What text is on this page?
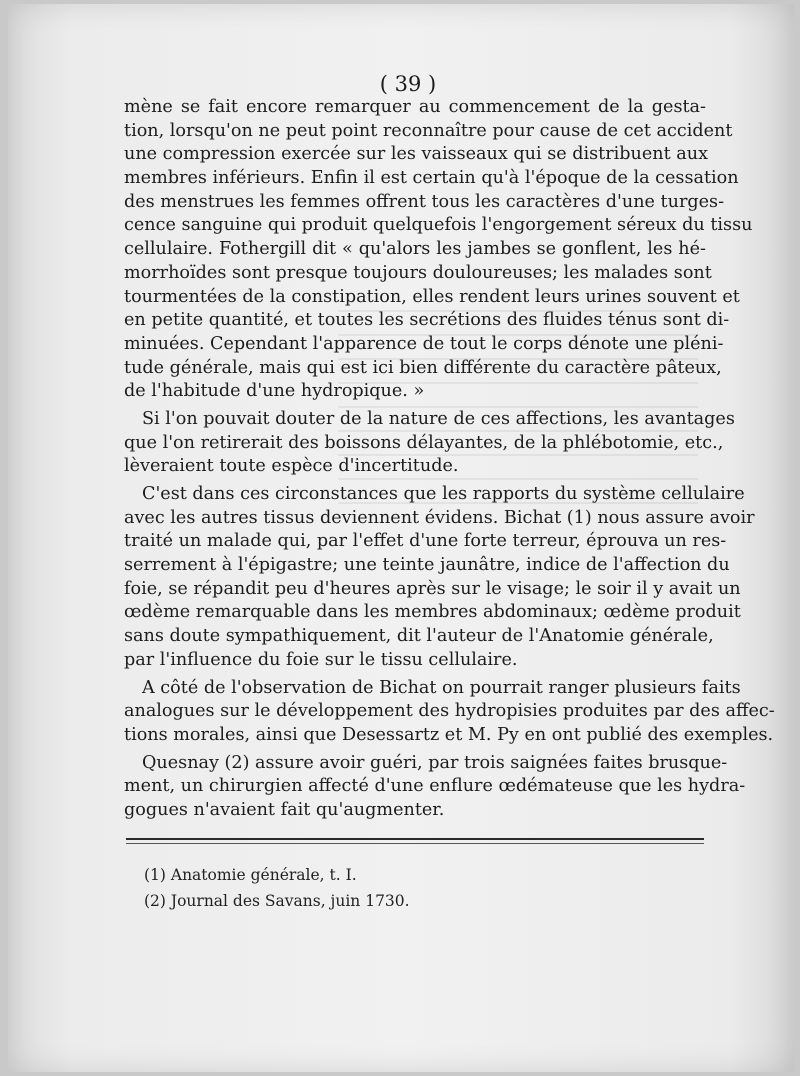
( 39 )
mène se fait encore remarquer au commencement de la gesta-
tion, lorsqu'on ne peut point reconnaître pour cause de cet accident
une compression exercée sur les vaisseaux qui se distribuent aux
membres inférieurs. Enfin il est certain qu'à l'époque de la cessation
des menstrues les femmes offrent tous les caractères d'une turges-
cence sanguine qui produit quelquefois l'engorgement séreux du tissu
cellulaire. Fothergill dit « qu'alors les jambes se gonflent, les hé-
morrhoïdes sont presque toujours douloureuses; les malades sont
tourmentées de la constipation, elles rendent leurs urines souvent et
en petite quantité, et toutes les secrétions des fluides ténus sont di-
minuées. Cependant l'apparence de tout le corps dénote une pléni-
tude générale, mais qui est ici bien différente du caractère pâteux,
de l'habitude d'une hydropique. »
Si l'on pouvait douter de la nature de ces affections, les avantages
que l'on retirerait des boissons délayantes, de la phlébotomie, etc.,
lèveraient toute espèce d'incertitude.
C'est dans ces circonstances que les rapports du système cellulaire
avec les autres tissus deviennent évidens. Bichat (1) nous assure avoir
traité un malade qui, par l'effet d'une forte terreur, éprouva un res-
serrement à l'épigastre; une teinte jaunâtre, indice de l'affection du
foie, se répandit peu d'heures après sur le visage; le soir il y avait un
œdème remarquable dans les membres abdominaux; œdème produit
sans doute sympathiquement, dit l'auteur de l'Anatomie générale,
par l'influence du foie sur le tissu cellulaire.
A côté de l'observation de Bichat on pourrait ranger plusieurs faits
analogues sur le développement des hydropisies produites par des affec-
tions morales, ainsi que Desessartz et M. Py en ont publié des exemples.
Quesnay (2) assure avoir guéri, par trois saignées faites brusque-
ment, un chirurgien affecté d'une enflure œdémateuse que les hydra-
gogues n'avaient fait qu'augmenter.
(1) Anatomie générale, t. I.
(2) Journal des Savans, juin 1730.
